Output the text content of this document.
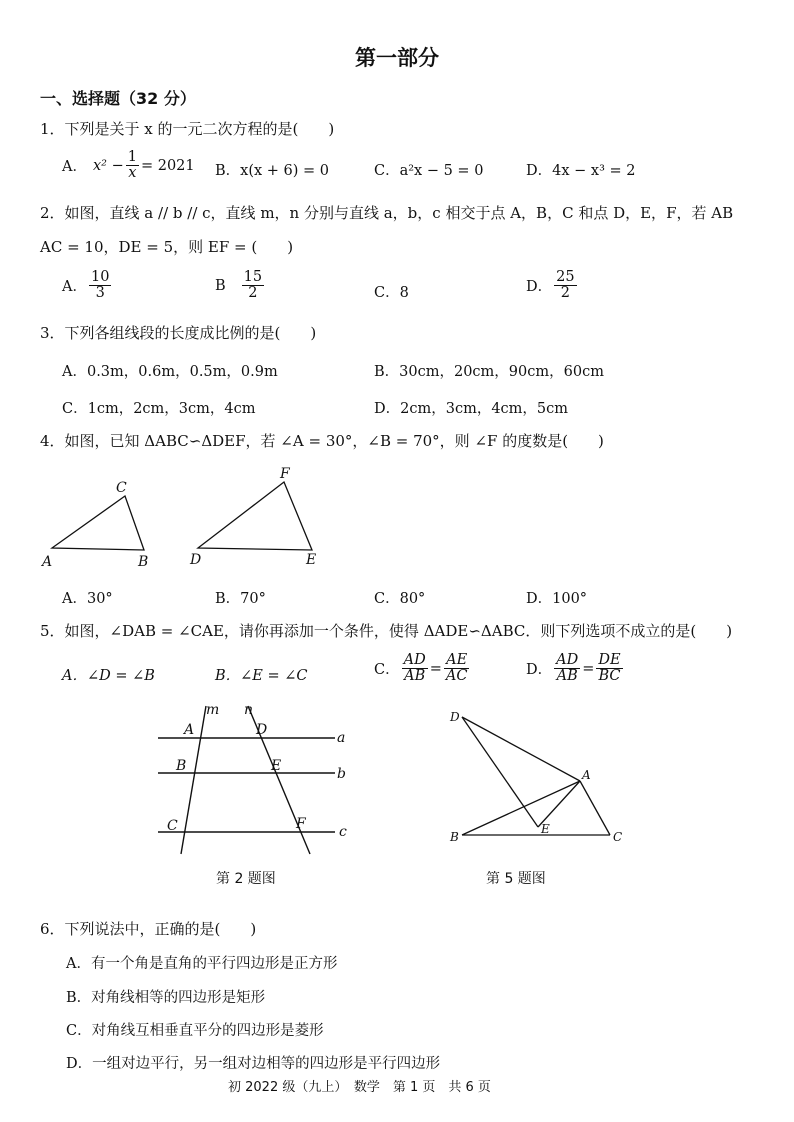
第一部分
一、选择题（32 分）
1．下列是关于 x 的一元二次方程的是(　　)
A． $x^2 - \frac{1}{x} = 2021$ B．x(x + 6) = 0	C．a²x − 5 = 0	D．4x − x³ = 2
2．如图，直线 a // b // c，直线 m，n 分别与直线 a，b，c 相交于点 A，B，C 和点 D，E，F，若 AB
AC = 10，DE = 5，则 EF = (　　)
A． $\frac{10}{3}$	B $\frac{15}{2}$	C．8	D． $\frac{25}{2}$
3．下列各组线段的长度成比例的是(　　)
A．0.3m，0.6m，0.5m，0.9m	B．30cm，20cm，90cm，60cm
C．1cm，2cm，3cm，4cm	D．2cm，3cm，4cm，5cm
4．如图，已知 ΔABC∽ΔDEF，若 ∠A = 30°，∠B = 70°，则 ∠F 的度数是(　　)
A	B
C
D	E
F
A．30°	B．70°	C．80°	D．100°
5．如图，∠DAB = ∠CAE，请你再添加一个条件，使得 ΔADE∽ΔABC．则下列选项不成立的是(　　)
A．∠D = ∠B	B．∠E = ∠C	C． $\frac{AD}{AB} = \frac{AE}{AC}$	D． $\frac{AD}{AB} = \frac{DE}{BC}$
m n
A	D	a
B	E	b
C	F c
第 2 题图
D
A
E
B	C
第 5 题图
6．下列说法中，正确的是(　　)
A．有一个角是直角的平行四边形是正方形
B．对角线相等的四边形是矩形
C．对角线互相垂直平分的四边形是菱形
D．一组对边平行，另一组对边相等的四边形是平行四边形
初 2022 级（九上）　数学　第 1 页　共 6 页
